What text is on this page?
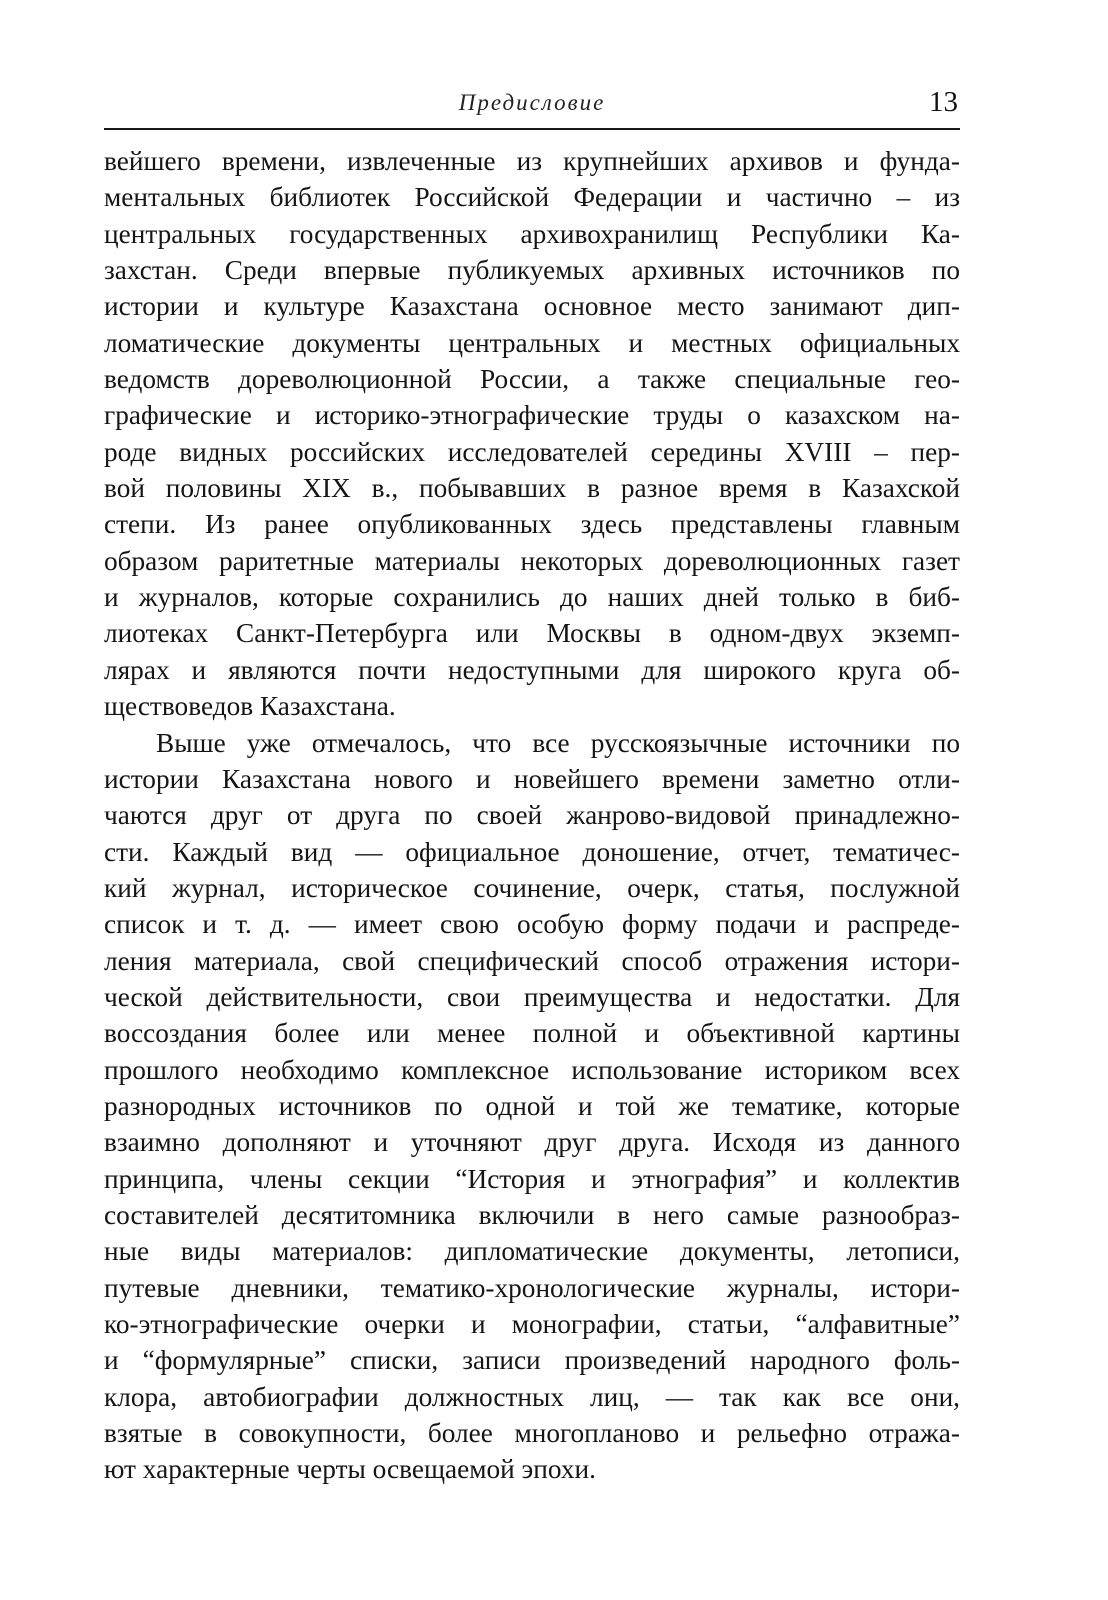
Предисловие	13
вейшего времени, извлеченные из крупнейших архивов и фунда-
ментальных библиотек Российской Федерации и частично – из
центральных государственных архивохранилищ Республики Ка-
захстан. Среди впервые публикуемых архивных источников по
истории и культуре Казахстана основное место занимают дип-
ломатические документы центральных и местных официальных
ведомств дореволюционной России, а также специальные гео-
графические и историко-этнографические труды о казахском на-
роде видных российских исследователей середины XVIII – пер-
вой половины XIX в., побывавших в разное время в Казахской
степи. Из ранее опубликованных здесь представлены главным
образом раритетные материалы некоторых дореволюционных газет
и журналов, которые сохранились до наших дней только в биб-
лиотеках Санкт-Петербурга или Москвы в одном-двух экземп-
лярах и являются почти недоступными для широкого круга об-
ществоведов Казахстана.
Выше уже отмечалось, что все русскоязычные источники по
истории Казахстана нового и новейшего времени заметно отли-
чаются друг от друга по своей жанрово-видовой принадлежно-
сти. Каждый вид — официальное доношение, отчет, тематичес-
кий журнал, историческое сочинение, очерк, статья, послужной
список и т. д. — имеет свою особую форму подачи и распреде-
ления материала, свой специфический способ отражения истори-
ческой действительности, свои преимущества и недостатки. Для
воссоздания более или менее полной и объективной картины
прошлого необходимо комплексное использование историком всех
разнородных источников по одной и той же тематике, которые
взаимно дополняют и уточняют друг друга. Исходя из данного
принципа, члены секции “История и этнография” и коллектив
составителей десятитомника включили в него самые разнообраз-
ные виды материалов: дипломатические документы, летописи,
путевые дневники, тематико-хронологические журналы, истори-
ко-этнографические очерки и монографии, статьи, “алфавитные”
и “формулярные” списки, записи произведений народного фоль-
клора, автобиографии должностных лиц, — так как все они,
взятые в совокупности, более многопланово и рельефно отража-
ют характерные черты освещаемой эпохи.
